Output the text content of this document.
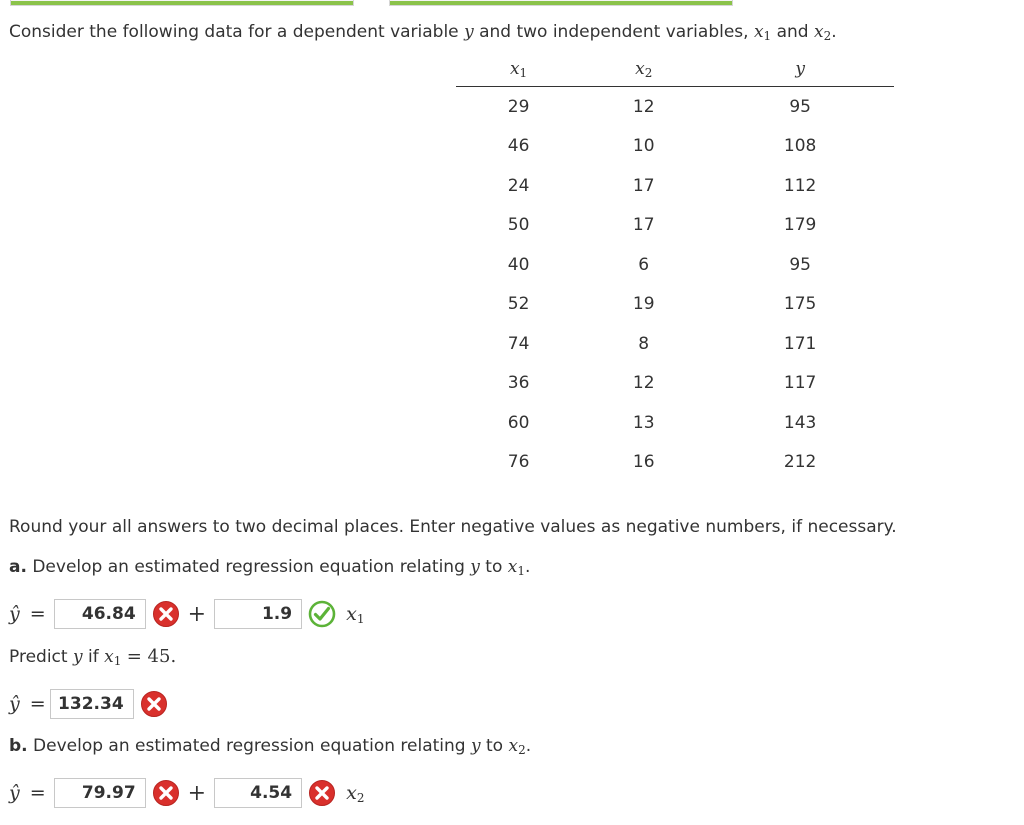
Consider the following data for a dependent variable y and two independent variables, x1 and x2.
x1	x2	y
29	12	95
46	10	108
24	17	112
50	17	179
40	6	95
52	19	175
74	8	171
36	12	117
60	13	143
76	16	212
Round your all answers to two decimal places. Enter negative values as negative numbers, if necessary.
a. Develop an estimated regression equation relating y to x1.
ŷ =	46.84	+	1.9	x1
Predict y if x1 = 45.
ŷ = 132.34
b. Develop an estimated regression equation relating y to x2.
ŷ =	79.97	+	4.54	x2
